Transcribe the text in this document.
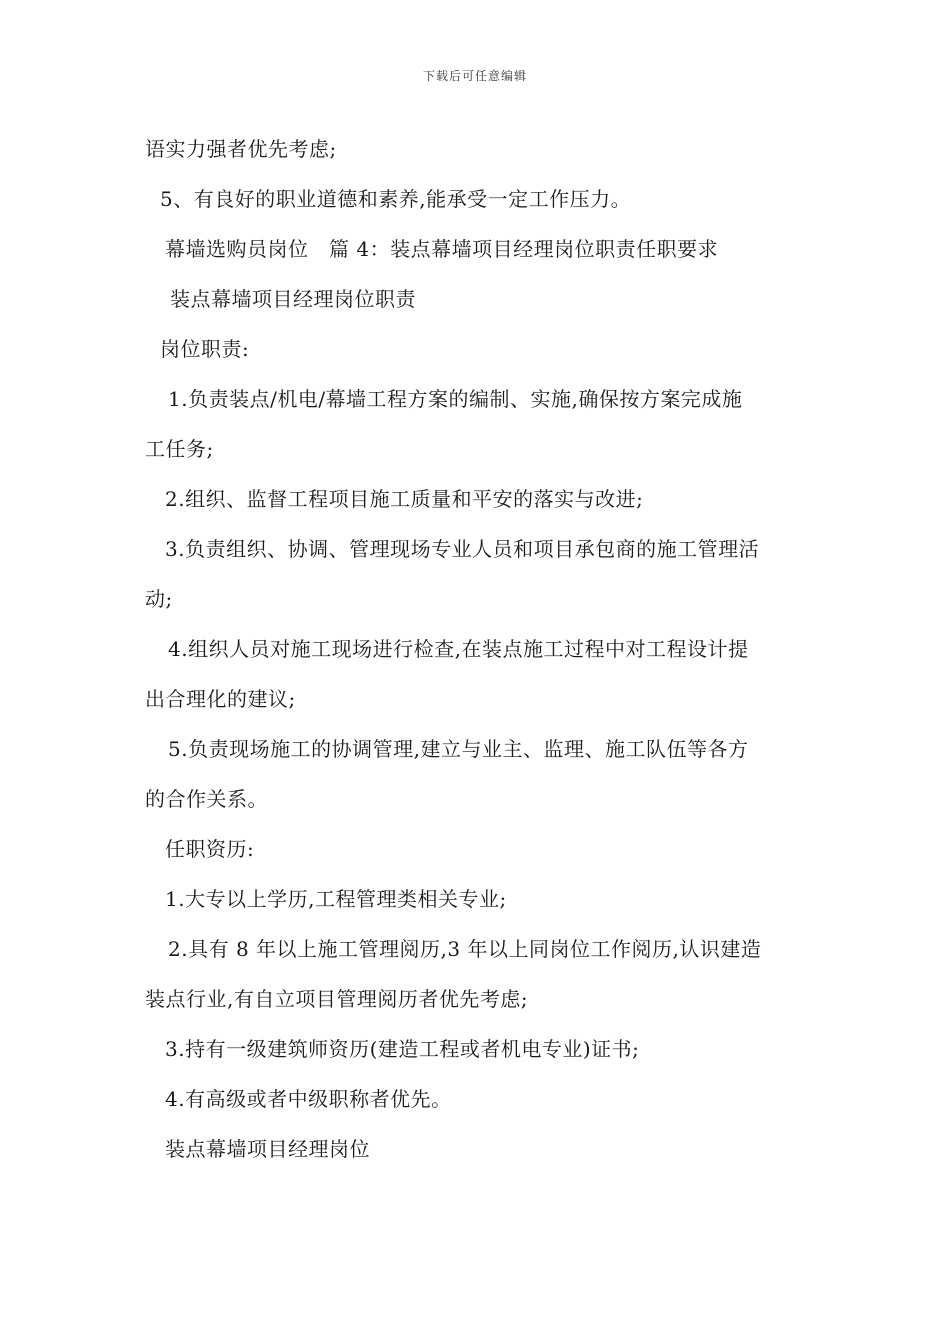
下载后可任意编辑
语实力强者优先考虑;
5、有良好的职业道德和素养,能承受一定工作压力。
幕墙选购员岗位　篇 4：装点幕墙项目经理岗位职责任职要求
装点幕墙项目经理岗位职责
岗位职责:
1.负责装点/机电/幕墙工程方案的编制、实施,确保按方案完成施
工任务;
2.组织、监督工程项目施工质量和平安的落实与改进;
3.负责组织、协调、管理现场专业人员和项目承包商的施工管理活
动;
4.组织人员对施工现场进行检查,在装点施工过程中对工程设计提
出合理化的建议;
5.负责现场施工的协调管理,建立与业主、监理、施工队伍等各方
的合作关系。
任职资历:
1.大专以上学历,工程管理类相关专业;
2.具有 8 年以上施工管理阅历,3 年以上同岗位工作阅历,认识建造
装点行业,有自立项目管理阅历者优先考虑;
3.持有一级建筑师资历(建造工程或者机电专业)证书;
4.有高级或者中级职称者优先。
装点幕墙项目经理岗位
